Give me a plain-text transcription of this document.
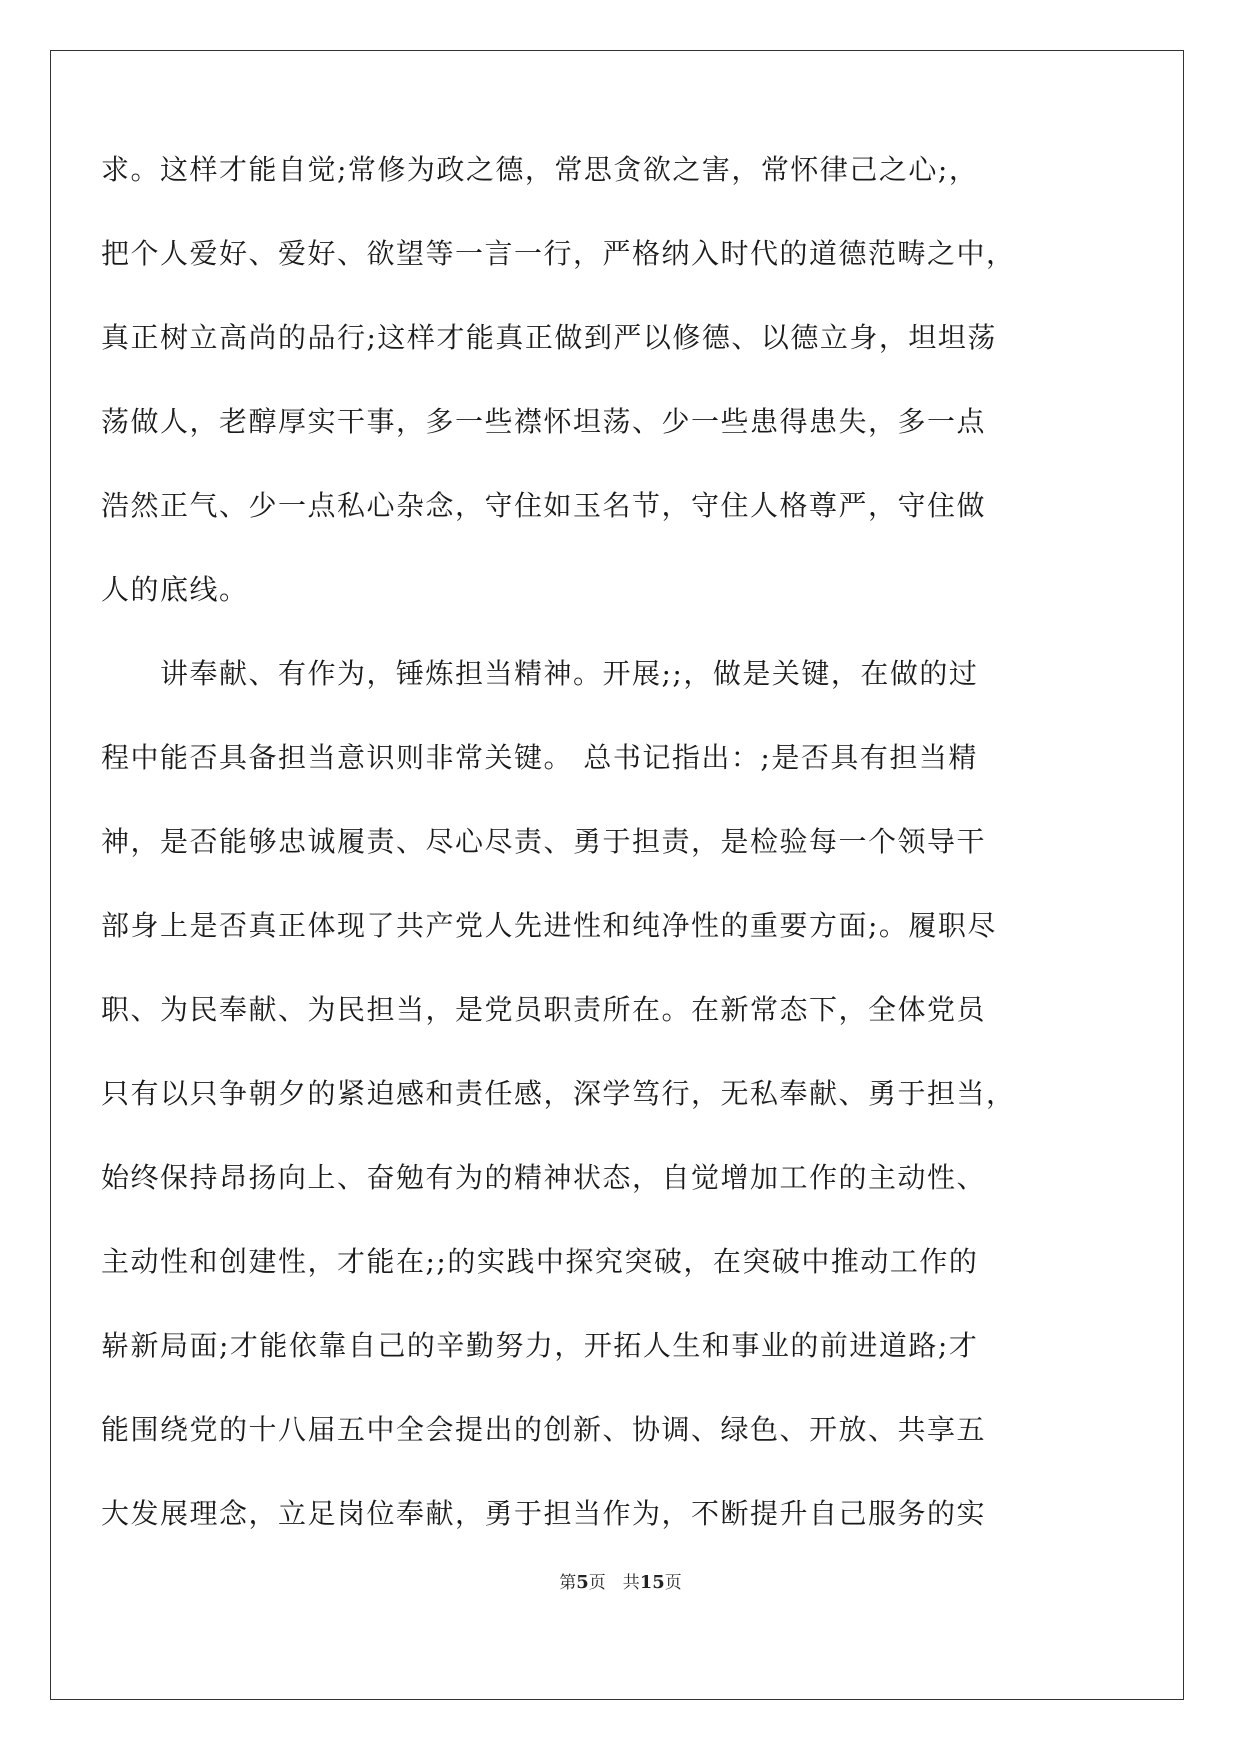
求。这样才能自觉;常修为政之德，常思贪欲之害，常怀律己之心;，
把个人爱好、爱好、欲望等一言一行，严格纳入时代的道德范畴之中，
真正树立高尚的品行;这样才能真正做到严以修德、以德立身，坦坦荡
荡做人，老醇厚实干事，多一些襟怀坦荡、少一些患得患失，多一点
浩然正气、少一点私心杂念，守住如玉名节，守住人格尊严，守住做
人的底线。
　　讲奉献、有作为，锤炼担当精神。开展;;，做是关键，在做的过
程中能否具备担当意识则非常关键。 总书记指出：;是否具有担当精
神，是否能够忠诚履责、尽心尽责、勇于担责，是检验每一个领导干
部身上是否真正体现了共产党人先进性和纯净性的重要方面;。履职尽
职、为民奉献、为民担当，是党员职责所在。在新常态下，全体党员
只有以只争朝夕的紧迫感和责任感，深学笃行，无私奉献、勇于担当，
始终保持昂扬向上、奋勉有为的精神状态，自觉增加工作的主动性、
主动性和创建性，才能在;;的实践中探究突破，在突破中推动工作的
崭新局面;才能依靠自己的辛勤努力，开拓人生和事业的前进道路;才
能围绕党的十八届五中全会提出的创新、协调、绿色、开放、共享五
大发展理念，立足岗位奉献，勇于担当作为，不断提升自己服务的实
第5页　 共15页
